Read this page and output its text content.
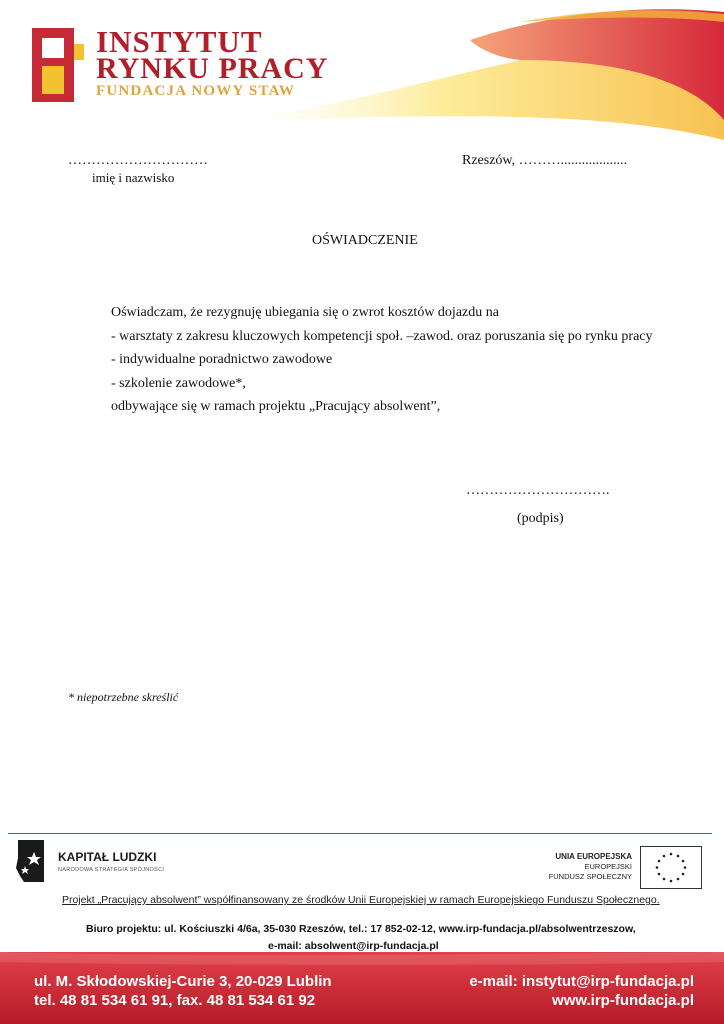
INSTYTUT
RYNKU PRACY
FUNDACJA NOWY STAW
…………………………
imię i nazwisko
Rzeszów, ………...................
OŚWIADCZENIE
Oświadczam, że rezygnuję ubiegania się o zwrot kosztów dojazdu na
- warsztaty z zakresu kluczowych kompetencji społ. –zawod. oraz poruszania się po rynku pracy
- indywidualne poradnictwo zawodowe
- szkolenie zawodowe*,
odbywające się w ramach projektu „Pracujący absolwent”,
………………………….
(podpis)
* niepotrzebne skreślić
KAPITAŁ LUDZKI
NARODOWA STRATEGIA SPÓJNOŚCI
UNIA EUROPEJSKA
EUROPEJSKI
FUNDUSZ SPOŁECZNY
Projekt „Pracujący absolwent” współfinansowany ze środków Unii Europejskiej w ramach Europejskiego Funduszu Społecznego.
Biuro projektu: ul. Kościuszki 4/6a, 35-030 Rzeszów, tel.: 17 852-02-12, www.irp-fundacja.pl/absolwentrzeszow,
e-mail: absolwent@irp-fundacja.pl
ul. M. Skłodowskiej-Curie 3, 20-029 Lublin
tel. 48 81 534 61 91, fax. 48 81 534 61 92
e-mail: instytut@irp-fundacja.pl
www.irp-fundacja.pl
